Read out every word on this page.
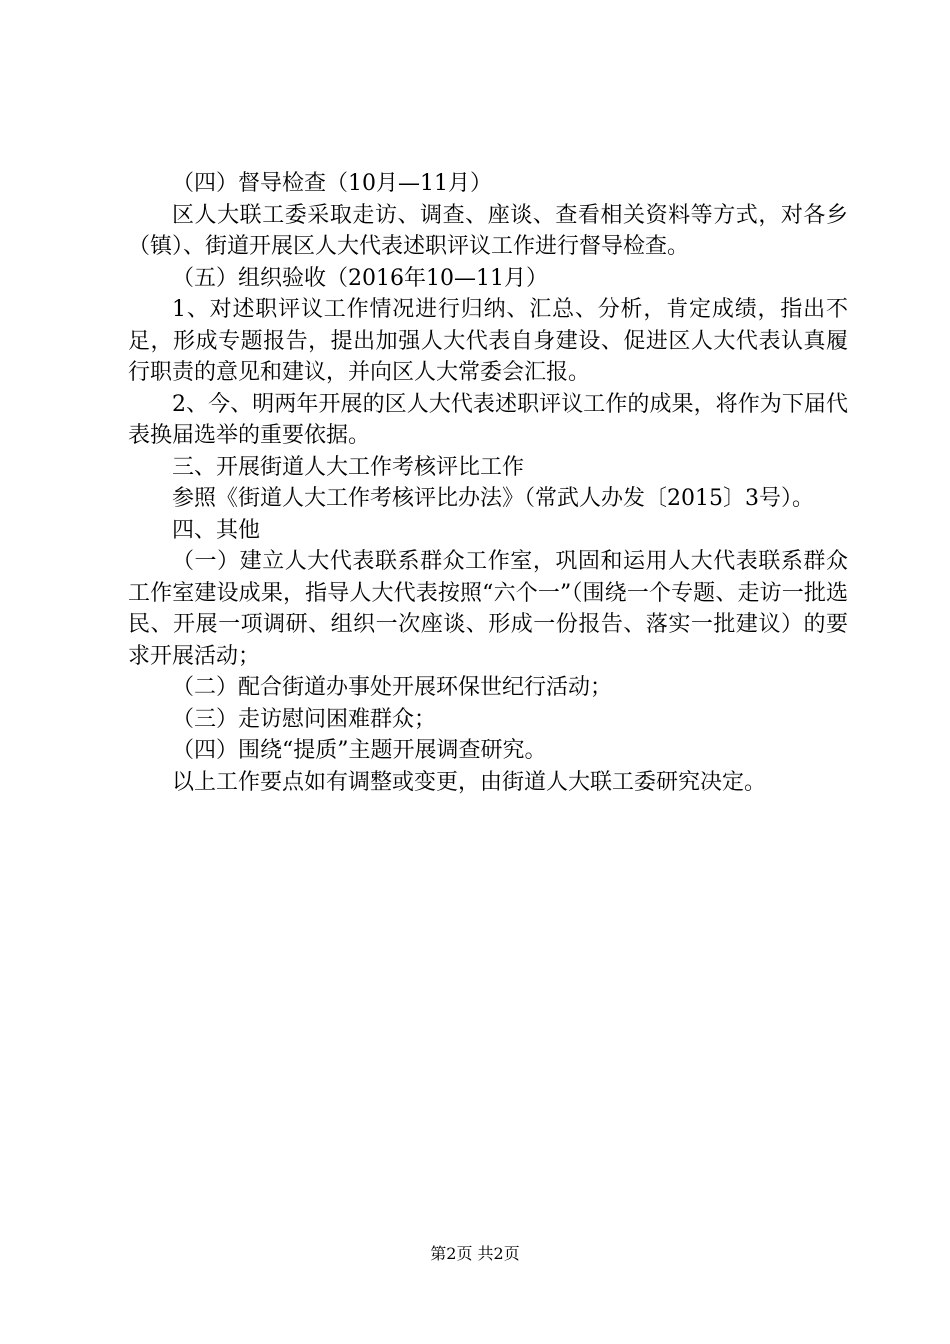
（四）督导检查（10月—11月）

区人大联工委采取走访、调查、座谈、查看相关资料等方式，对各乡（镇）、街道开展区人大代表述职评议工作进行督导检查。

（五）组织验收（2016年10—11月）

1、对述职评议工作情况进行归纳、汇总、分析，肯定成绩，指出不足，形成专题报告，提出加强人大代表自身建设、促进区人大代表认真履行职责的意见和建议，并向区人大常委会汇报。

2、今、明两年开展的区人大代表述职评议工作的成果，将作为下届代表换届选举的重要依据。

三、开展街道人大工作考核评比工作

参照《街道人大工作考核评比办法》（常武人办发〔2015〕3号）。

四、其他

（一）建立人大代表联系群众工作室，巩固和运用人大代表联系群众工作室建设成果，指导人大代表按照“六个一”（围绕一个专题、走访一批选民、开展一项调研、组织一次座谈、形成一份报告、落实一批建议）的要求开展活动；

（二）配合街道办事处开展环保世纪行活动；

（三）走访慰问困难群众；

（四）围绕“提质”主题开展调查研究。

以上工作要点如有调整或变更，由街道人大联工委研究决定。

第2页 共2页
